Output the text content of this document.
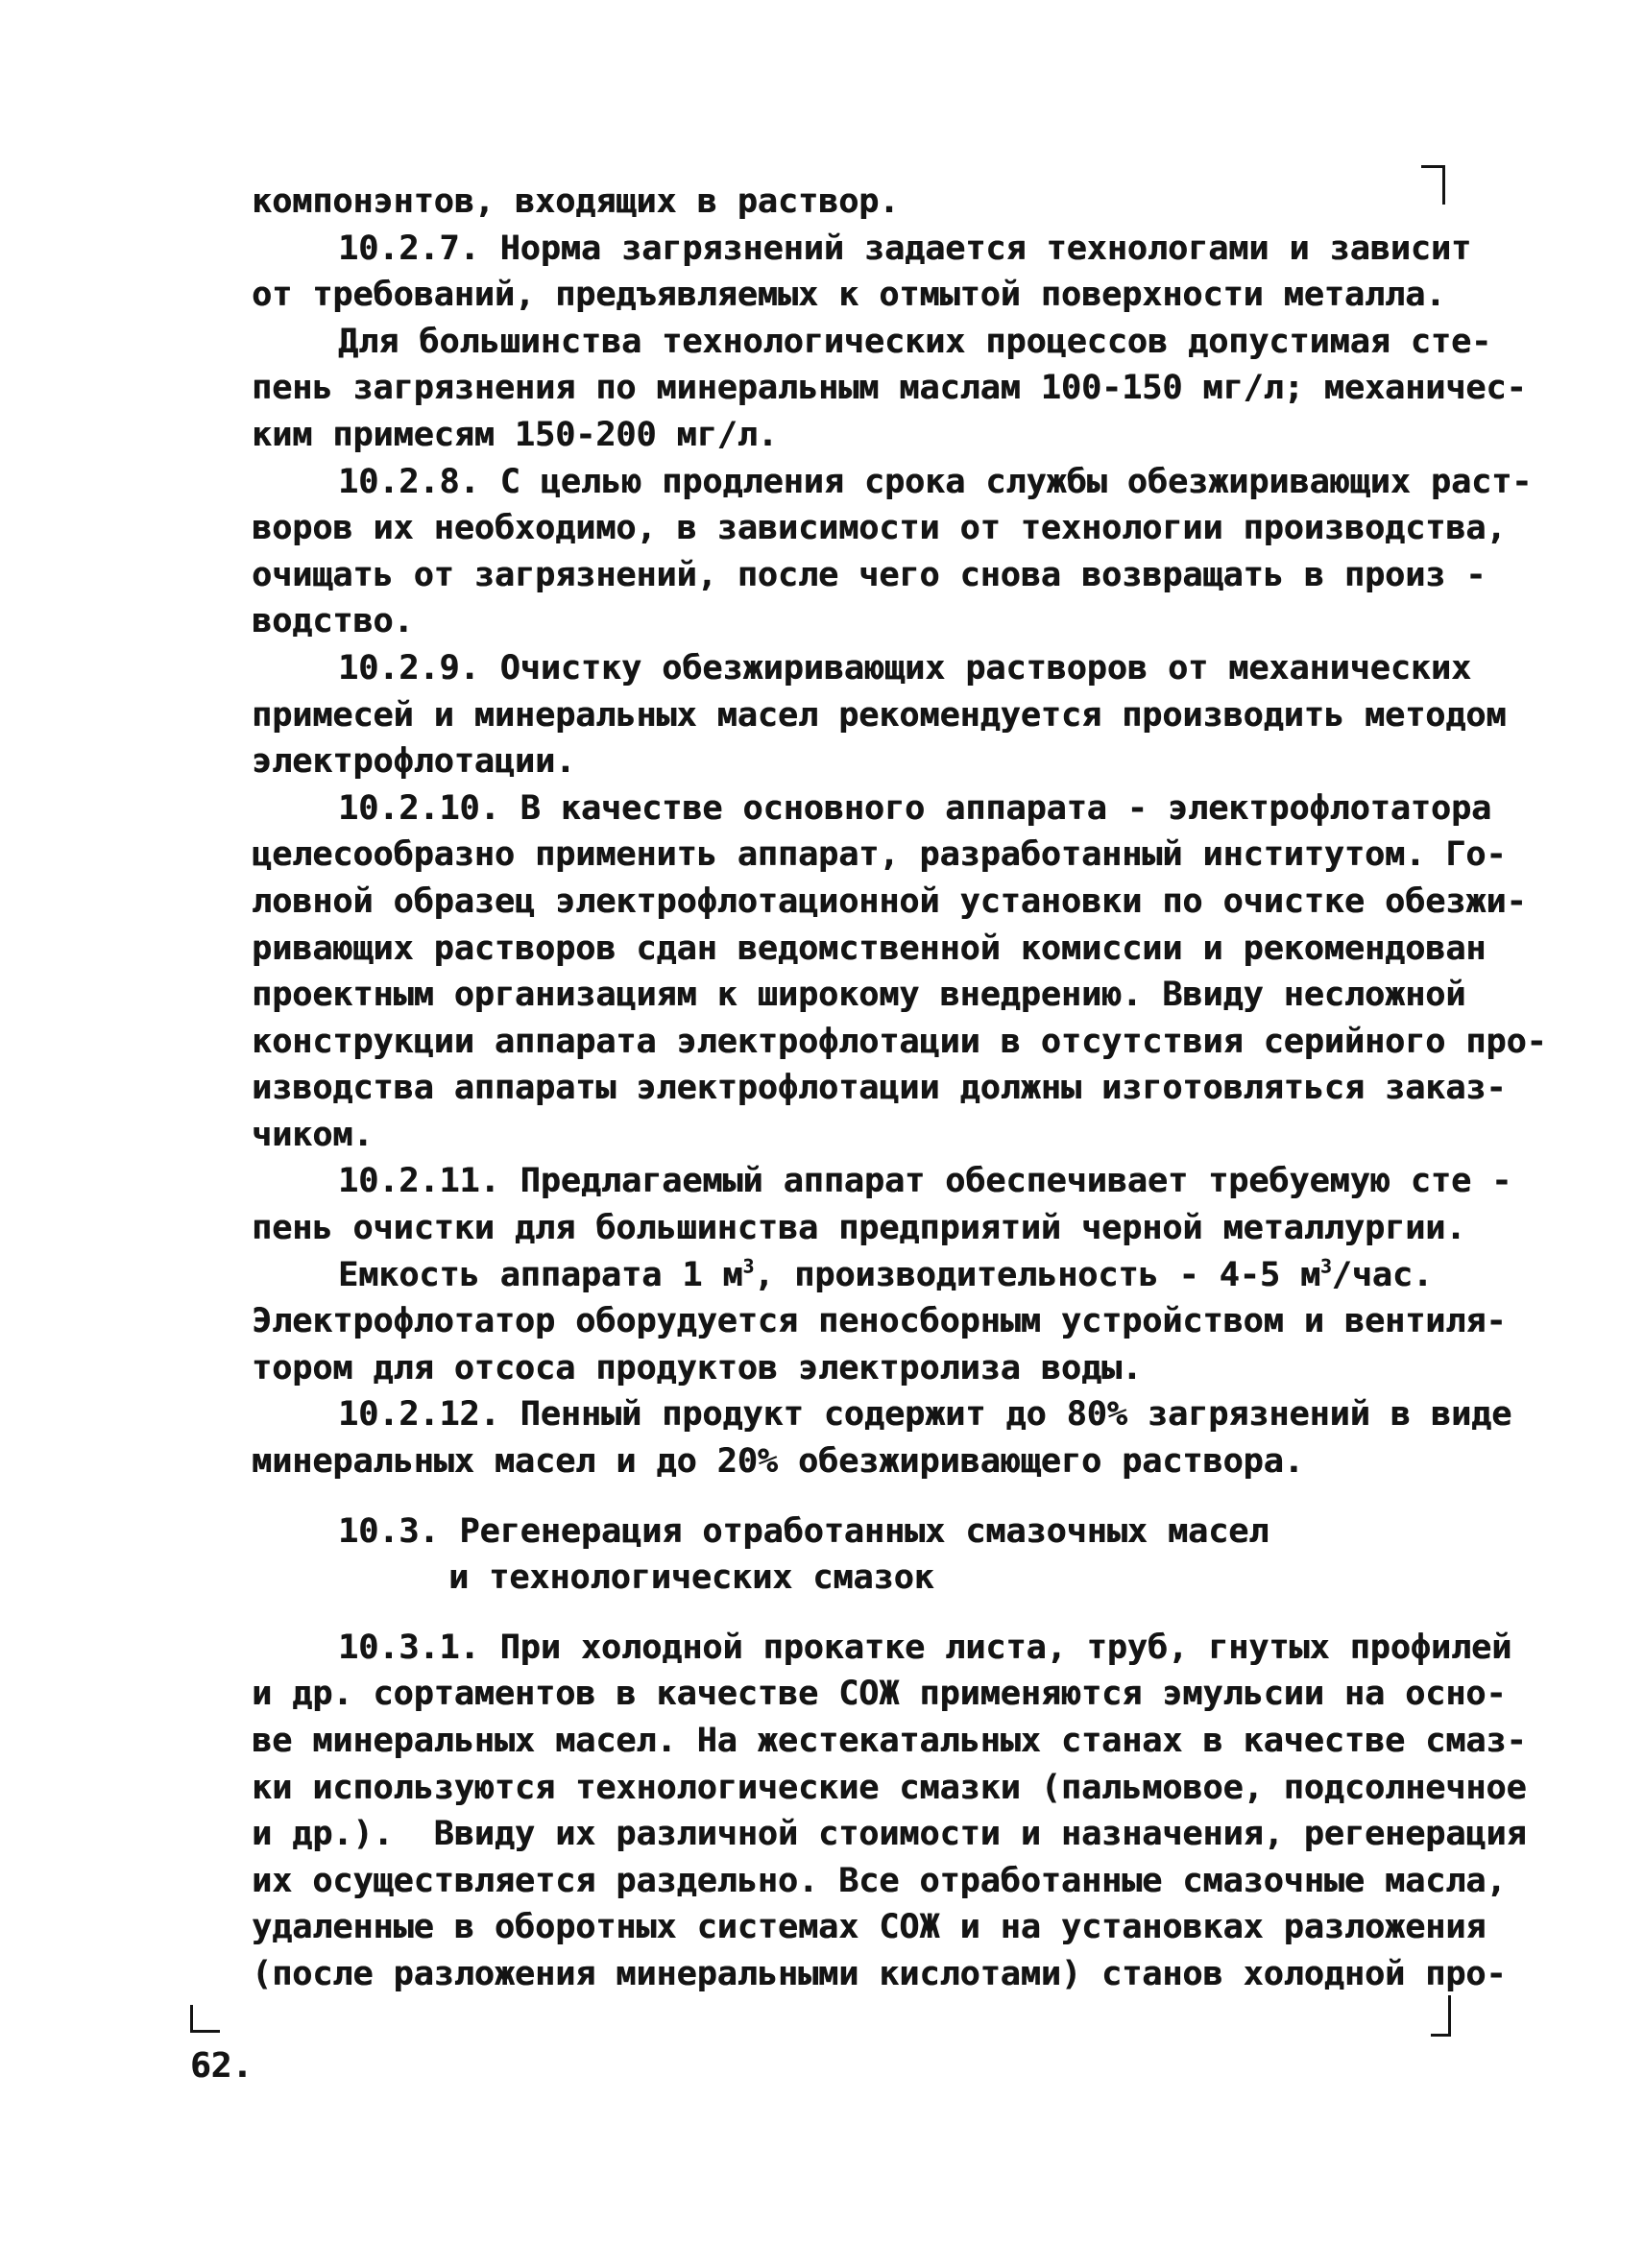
компонэнтов, входящих в раствор.
10.2.7. Норма загрязнений задается технологами и зависит
от требований, предъявляемых к отмытой поверхности металла.
Для большинства технологических процессов допустимая сте-
пень загрязнения по минеральным маслам 100-150 мг/л; механичес-
ким примесям 150-200 мг/л.
10.2.8. С целью продления срока службы обезжиривающих раст-
воров их необходимо, в зависимости от технологии производства,
очищать от загрязнений, после чего снова возвращать в произ -
водство.
10.2.9. Очистку обезжиривающих растворов от механических
примесей и минеральных масел рекомендуется производить методом
электрофлотации.
10.2.10. В качестве основного аппарата - электрофлотатора
целесообразно применить аппарат, разработанный институтом. Го-
ловной образец электрофлотационной установки по очистке обезжи-
ривающих растворов сдан ведомственной комиссии и рекомендован
проектным организациям к широкому внедрению. Ввиду несложной
конструкции аппарата электрофлотации в отсутствия серийного про-
изводства аппараты электрофлотации должны изготовляться заказ-
чиком.
10.2.11. Предлагаемый аппарат обеспечивает требуемую сте -
пень очистки для большинства предприятий черной металлургии.
Емкость аппарата 1 $м^3$, производительность - 4-5 $м^3$/час.
Электрофлотатор оборудуется пеносборным устройством и вентиля-
тором для отсоса продуктов электролиза воды.
10.2.12. Пенный продукт содержит до 80% загрязнений в виде
минеральных масел и до 20% обезжиривающего раствора.
10.3. Регенерация отработанных смазочных масел
и технологических смазок
10.3.1. При холодной прокатке листа, труб, гнутых профилей
и др. сортаментов в качестве СОЖ применяются эмульсии на осно-
ве минеральных масел. На жестекатальных станах в качестве смаз-
ки используются технологические смазки (пальмовое, подсолнечное
и др.).  Ввиду их различной стоимости и назначения, регенерация
их осуществляется раздельно. Все отработанные смазочные масла,
удаленные в оборотных системах СОЖ и на установках разложения
(после разложения минеральными кислотами) станов холодной про-
62.
